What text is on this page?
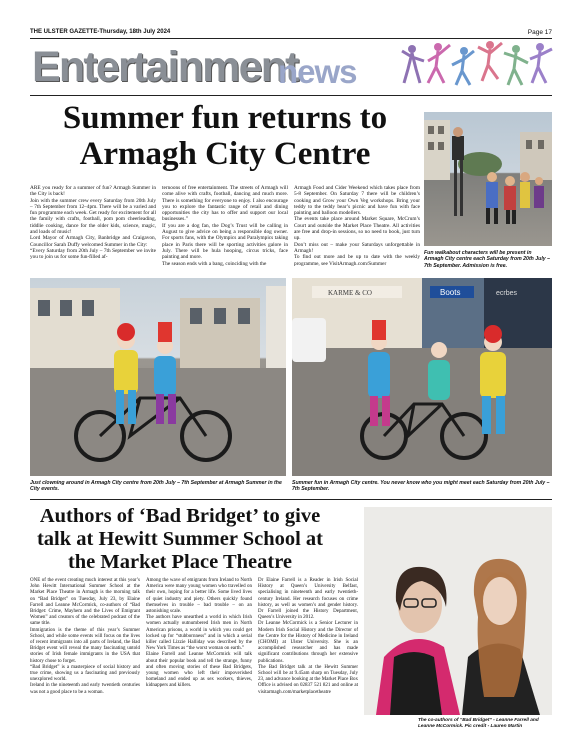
THE ULSTER GAZETTE-Thursday, 18th July 2024	Page 17
Entertainment
news
Summer fun returns to
Armagh City Centre

ARE you ready for a summer of fun? Armagh Summer in the City is back!

Join with the summer crew every Saturday from 20th July – 7th September from 12–4pm. There will be a varied and fun programme each week. Get ready for excitement for all the family with crafts, football, pom pom cheerleading, tiddlie cooking, dance for the older kids, science, magic, and loads of music!

Lord Mayor of Armagh City, Banbridge and Craigavon, Councillor Sarah Duffy welcomed Summer in the City:

“Every Saturday from 20th July – 7th September we invite you to join us for some fun-filled af-

ternoons of free entertainment. The streets of Armagh will come alive with crafts, football, dancing and much more. There is something for everyone to enjoy. I also encourage you to explore the fantastic range of retail and dining opportunities the city has to offer and support our local businesses.”

If you are a dog fan, the Dog’s Trust will be calling in August to give advice on being a responsible dog owner. For sports fans, with the Olympics and Paralympics taking place in Paris there will be sporting activities galore in July. There will be hula hooping, circus tricks, face painting and more.

The season ends with a bang, coinciding with the

Armagh Food and Cider Weekend which takes place from 5-8 September. On Saturday 7 there will be children’s cooking and Grow your Own Veg workshops. Bring your teddy to the teddy bear’s picnic and have fun with face painting and balloon modellers.

The events take place around Market Square, McCrum’s Court and outside the Market Place Theatre. All activities are free and drop-in sessions, so no need to book, just turn up.

Don’t miss out – make your Saturdays unforgettable in Armagh!

To find out more and be up to date with the weekly programme, see VisitArmagh.com/Summer

Fun walkabout characters will be present in Armagh City centre each Saturday from 20th July – 7th September. Admission is free.
KARME & CO	Boots	ecrbes
Just clowning around in Armagh City centre from 20th July – 7th September at Armagh Summer in the City events.
Summer fun in Armagh City centre. You never know who you might meet each Saturday from 20th July – 7th September.
Authors of ‘Bad Bridget’ to give
talk at Hewitt Summer School at
the Market Place Theatre

ONE of the event creating much interest at this year’s John Hewitt International Summer School at the Market Place Theatre in Armagh is the morning talk on “Bad Bridget” on Tuesday, July 23, by Elaine Farrell and Leanne McCormick, co-authors of “Bad Bridget: Crime, Mayhem and the Lives of Emigrant Women” and creators of the celebrated podcast of the same title.

Immigration is the theme of this year’s Summer School, and while some events will focus on the lives of recent immigrants into all parts of Ireland, the Bad Bridget event will reveal the many fascinating untold stories of Irish female immigrants in the USA that history chose to forget.

“Bad Bridget” is a masterpiece of social history and true crime, showing us a fascinating and previously unexplored world.

Ireland in the nineteenth and early twentieth centuries was not a good place to be a woman.

Among the wave of emigrants from Ireland to North America were many young women who travelled on their own, hoping for a better life. Some lived lives of quiet industry and piety. Others quickly found themselves in trouble – bad trouble – on an astonishing scale.

The authors have unearthed a world in which Irish women actually outnumbered Irish men in North American prisons, a world in which you could get locked up for “stubbornness” and in which a serial killer called Lizzie Halliday was described by the New York Times as “the worst woman on earth.”

Elaine Farrell and Leanne McCormick will talk about their popular book and tell the strange, funny and often moving stories of these Bad Bridgets, young women who left their impoverished homeland and ended up as sex workers, thieves, kidnappers and killers.

Dr Elaine Farrell is a Reader in Irish Social History at Queen’s University Belfast, specialising in nineteenth and early twentieth-century Ireland. Her research focuses on crime history, as well as women’s and gender history. Dr Farrell joined the History Department, Queen’s University in 2012.

Dr Leanne McCormick is a Senior Lecturer in Modern Irish Social History and the Director of the Centre for the History of Medicine in Ireland (CHOMI) at Ulster University. She is an accomplished researcher and has made significant contributions through her extensive publications.

The Bad Bridget talk at the Hewitt Summer School will be at 9.45am sharp on Tuesday, July 23, and advance booking at the Market Place Box Office is advised on 02837 521 821 and online at visitarmagh.com/marketplacetheatre

The co-authors of “Bad Bridget” - Leanne Farrell and Leanne McCormick. Pic credit - Lauren Martin
